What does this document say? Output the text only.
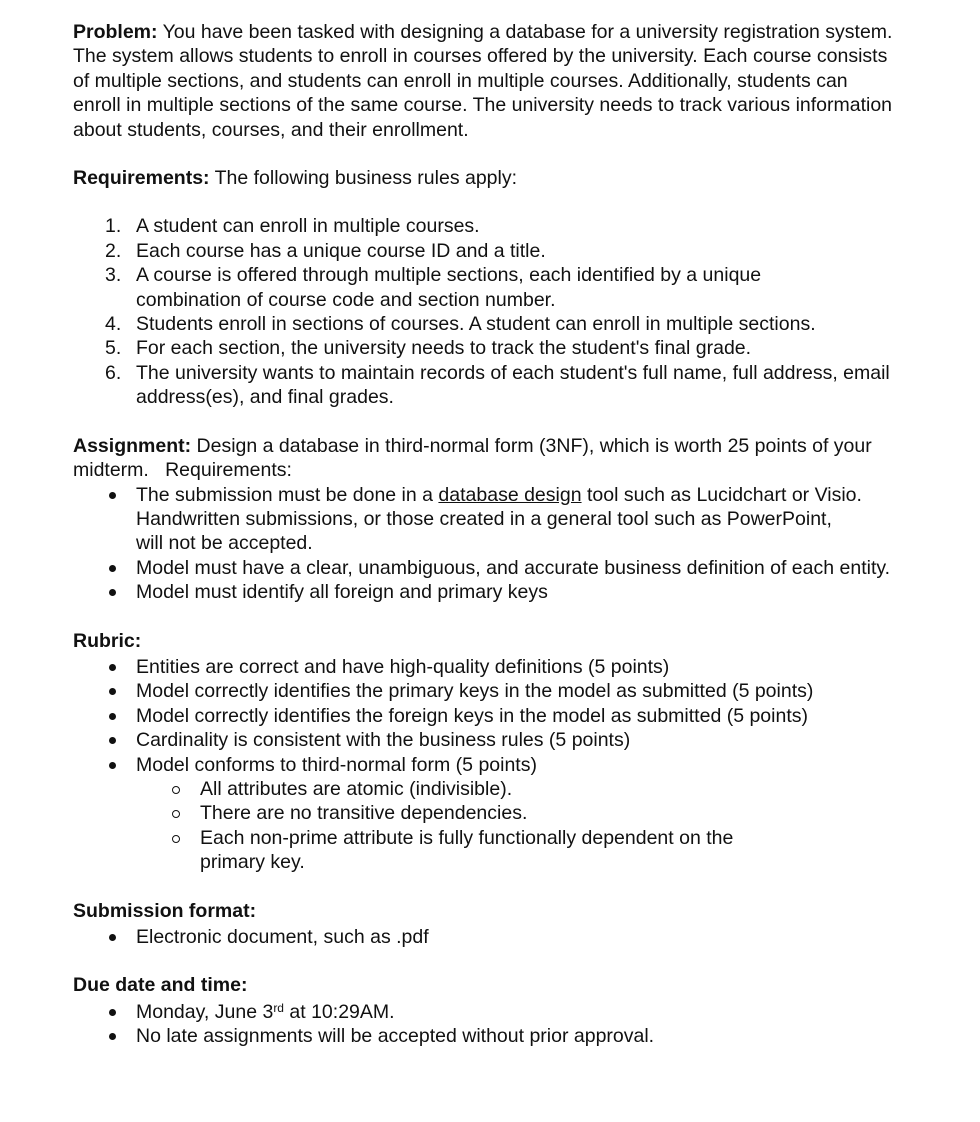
Problem: You have been tasked with designing a database for a university registration system. The system allows students to enroll in courses offered by the university. Each course consists of multiple sections, and students can enroll in multiple courses. Additionally, students can enroll in multiple sections of the same course. The university needs to track various information about students, courses, and their enrollment.

Requirements: The following business rules apply:

1. A student can enroll in multiple courses.
2. Each course has a unique course ID and a title.
3. A course is offered through multiple sections, each identified by a unique combination of course code and section number.
4. Students enroll in sections of courses. A student can enroll in multiple sections.
5. For each section, the university needs to track the student's final grade.
6. The university wants to maintain records of each student's full name, full address, email address(es), and final grades.

Assignment: Design a database in third-normal form (3NF), which is worth 25 points of your midterm.   Requirements:

The submission must be done in a database design tool such as Lucidchart or Visio.  Handwritten submissions, or those created in a general tool such as PowerPoint, will not be accepted.
Model must have a clear, unambiguous, and accurate business definition of each entity.
Model must identify all foreign and primary keys

Rubric:

Entities are correct and have high-quality definitions (5 points)
Model correctly identifies the primary keys in the model as submitted (5 points)
Model correctly identifies the foreign keys in the model as submitted (5 points)
Cardinality is consistent with the business rules (5 points)
Model conforms to third-normal form (5 points)
All attributes are atomic (indivisible).
There are no transitive dependencies.
Each non-prime attribute is fully functionally dependent on the primary key.

Submission format:

Electronic document, such as .pdf

Due date and time:

Monday, June 3rd at 10:29AM.
No late assignments will be accepted without prior approval.
